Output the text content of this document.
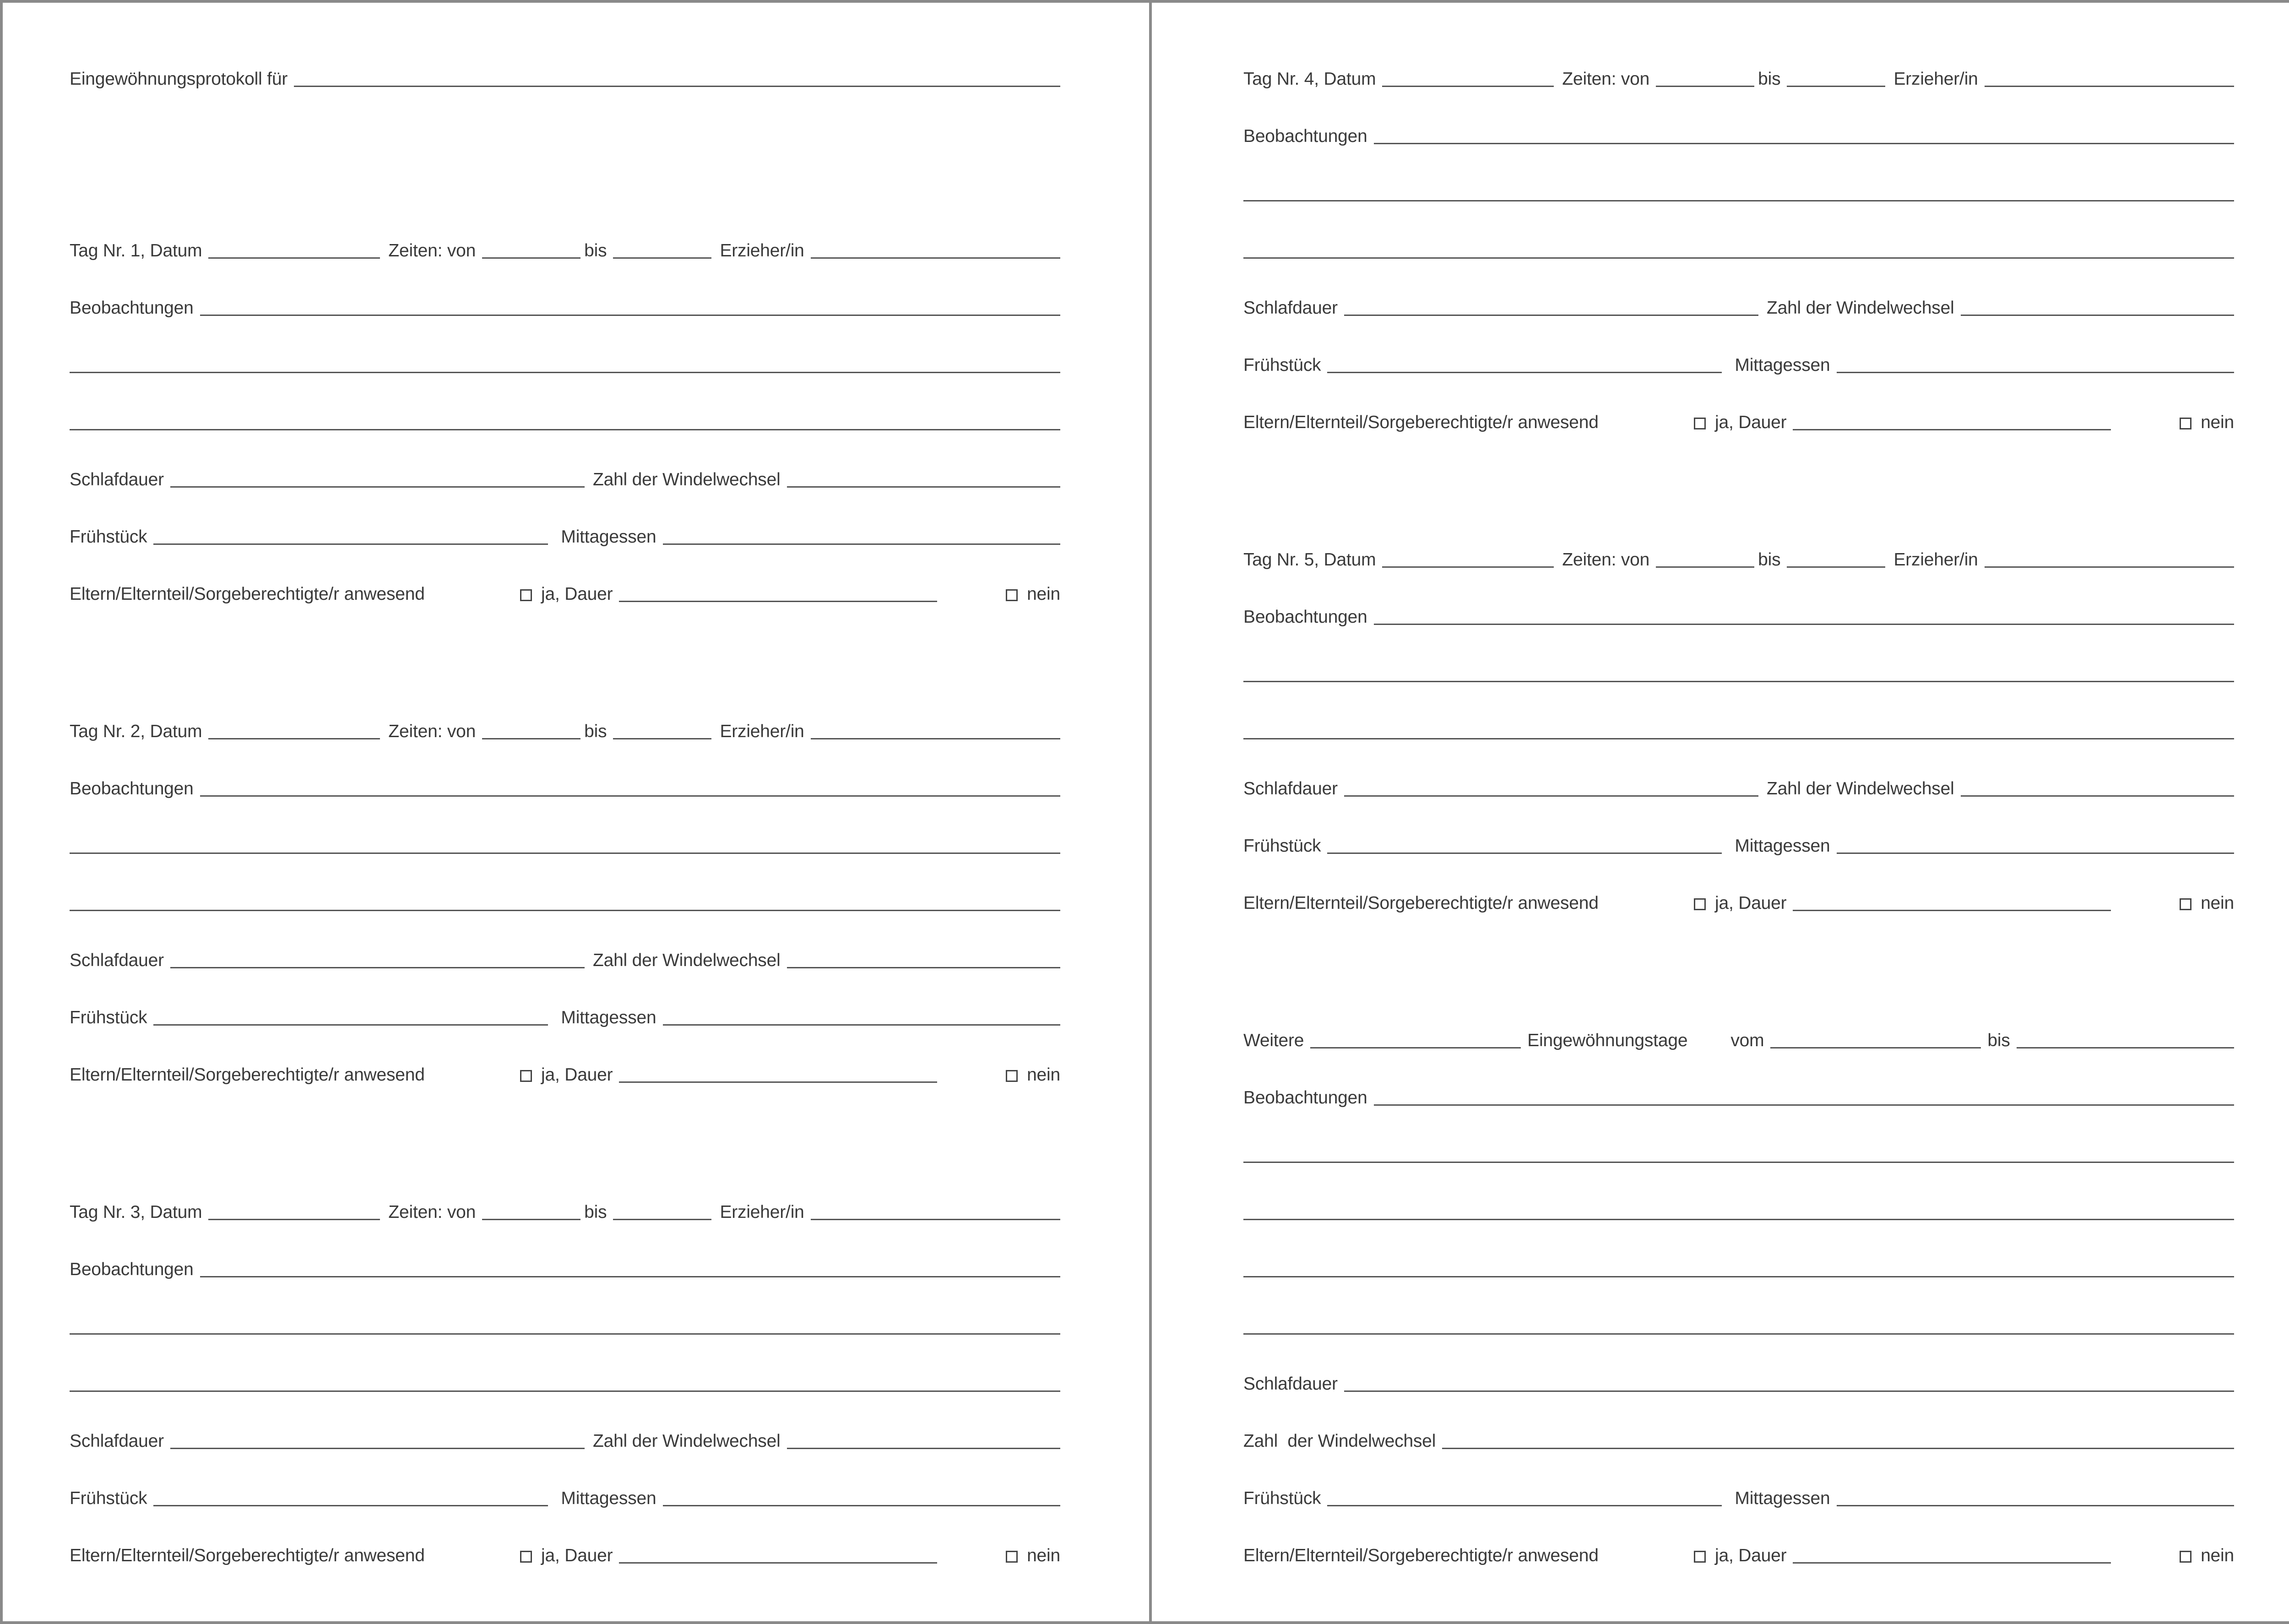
Eingewöhnungsprotokoll für
Tag Nr. 1, Datum	Zeiten: von	bis	Erzieher/in
Beobachtungen
Schlafdauer	Zahl der Windelwechsel
Frühstück	Mittagessen
Eltern/Elternteil/Sorgeberechtigte/r anwesend	ja, Dauer	nein
Tag Nr. 2, Datum	Zeiten: von	bis	Erzieher/in
Beobachtungen
Schlafdauer	Zahl der Windelwechsel
Frühstück	Mittagessen
Eltern/Elternteil/Sorgeberechtigte/r anwesend	ja, Dauer	nein
Tag Nr. 3, Datum	Zeiten: von	bis	Erzieher/in
Beobachtungen
Schlafdauer	Zahl der Windelwechsel
Frühstück	Mittagessen
Eltern/Elternteil/Sorgeberechtigte/r anwesend	ja, Dauer	nein
Tag Nr. 4, Datum	Zeiten: von	bis	Erzieher/in
Beobachtungen
Schlafdauer	Zahl der Windelwechsel
Frühstück	Mittagessen
Eltern/Elternteil/Sorgeberechtigte/r anwesend	ja, Dauer	nein
Tag Nr. 5, Datum	Zeiten: von	bis	Erzieher/in
Beobachtungen
Schlafdauer	Zahl der Windelwechsel
Frühstück	Mittagessen
Eltern/Elternteil/Sorgeberechtigte/r anwesend	ja, Dauer	nein
Weitere	Eingewöhnungstage vom	bis
Beobachtungen
Schlafdauer
Zahl  der Windelwechsel
Frühstück	Mittagessen
Eltern/Elternteil/Sorgeberechtigte/r anwesend	ja, Dauer	nein
